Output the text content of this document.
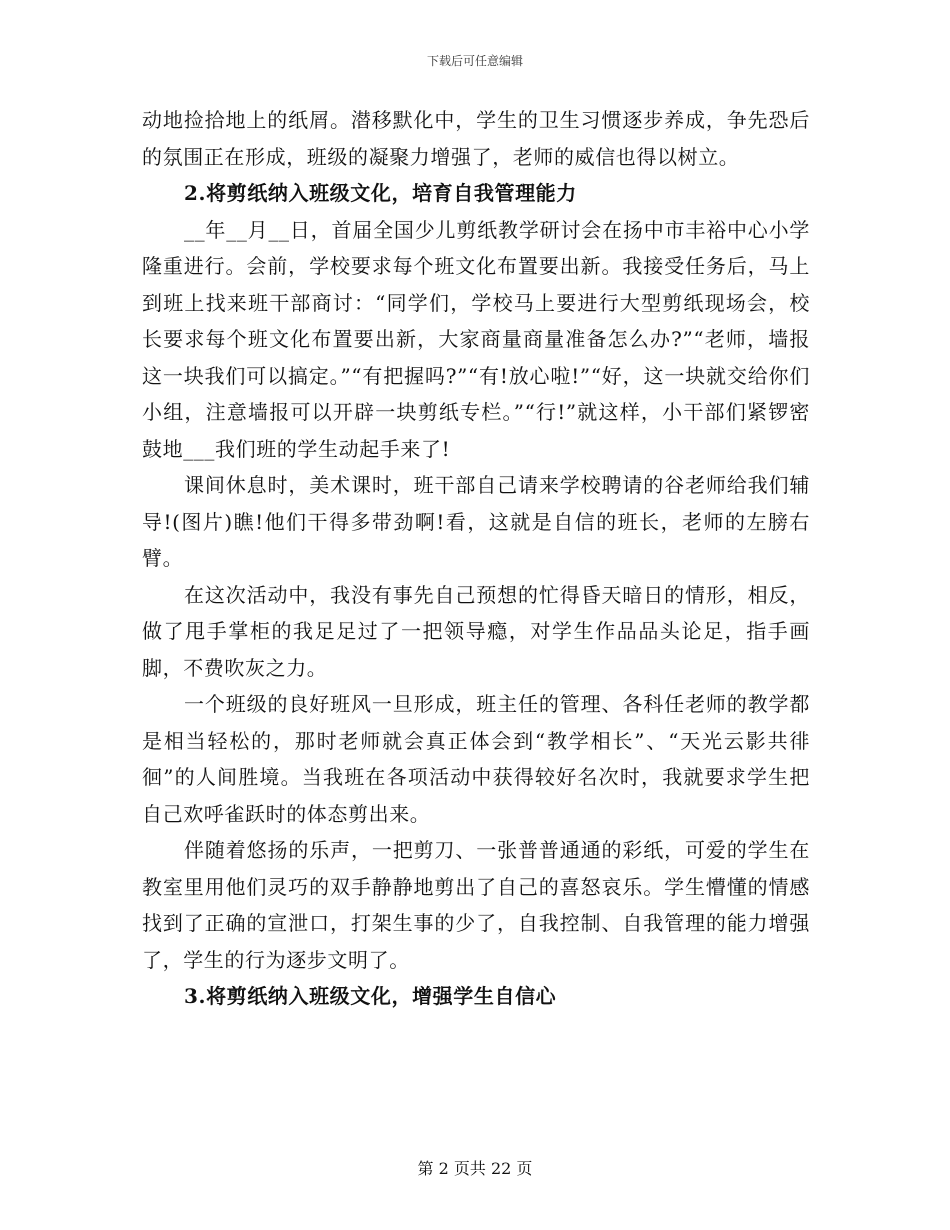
下载后可任意编辑

动地捡拾地上的纸屑。潜移默化中，学生的卫生习惯逐步养成，争先恐后的氛围正在形成，班级的凝聚力增强了，老师的威信也得以树立。

2.将剪纸纳入班级文化，培育自我管理能力

__年__月__日，首届全国少儿剪纸教学研讨会在扬中市丰裕中心小学隆重进行。会前，学校要求每个班文化布置要出新。我接受任务后，马上到班上找来班干部商讨：“同学们，学校马上要进行大型剪纸现场会，校长要求每个班文化布置要出新，大家商量商量准备怎么办?”“老师，墙报这一块我们可以搞定。”“有把握吗?”“有!放心啦!”“好，这一块就交给你们小组，注意墙报可以开辟一块剪纸专栏。”“行!”就这样，小干部们紧锣密鼓地___我们班的学生动起手来了!

课间休息时，美术课时，班干部自己请来学校聘请的谷老师给我们辅导!(图片)瞧!他们干得多带劲啊!看，这就是自信的班长，老师的左膀右臂。

在这次活动中，我没有事先自己预想的忙得昏天暗日的情形，相反，做了甩手掌柜的我足足过了一把领导瘾，对学生作品品头论足，指手画脚，不费吹灰之力。

一个班级的良好班风一旦形成，班主任的管理、各科任老师的教学都是相当轻松的，那时老师就会真正体会到“教学相长”、“天光云影共徘徊”的人间胜境。当我班在各项活动中获得较好名次时，我就要求学生把自己欢呼雀跃时的体态剪出来。

伴随着悠扬的乐声，一把剪刀、一张普普通通的彩纸，可爱的学生在教室里用他们灵巧的双手静静地剪出了自己的喜怒哀乐。学生懵懂的情感找到了正确的宣泄口，打架生事的少了，自我控制、自我管理的能力增强了，学生的行为逐步文明了。

3.将剪纸纳入班级文化，增强学生自信心

第 2 页共 22 页
